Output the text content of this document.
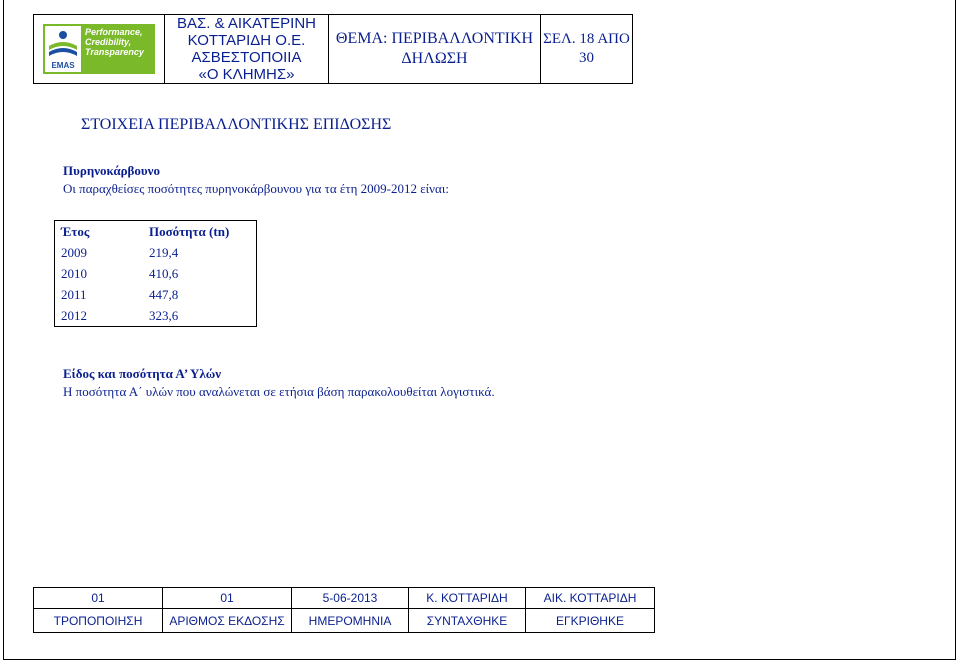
EMAS
Performance,
Credibility,
Transparency

ΒΑΣ. & ΑΙΚΑΤΕΡΙΝΗ
ΚΟΤΤΑΡΙΔΗ Ο.Ε.
ΑΣΒΕΣΤΟΠΟΙΙΑ
«Ο ΚΛΗΜΗΣ»

ΘΕΜΑ: ΠΕΡΙΒΑΛΛΟΝΤΙΚΗ
ΔΗΛΩΣΗ

ΣΕΛ. 18 ΑΠΟ
30
ΣΤΟΙΧΕΙΑ ΠΕΡΙΒΑΛΛΟΝΤΙΚΗΣ ΕΠΙΔΟΣΗΣ
Πυρηνοκάρβουνο
Οι παραχθείσες ποσότητες πυρηνοκάρβουνου για τα έτη 2009-2012 είναι:
Έτος	Ποσότητα (tn)
2009	219,4
2010	410,6
2011	447,8
2012	323,6
Είδος και ποσότητα Α’ Υλών
Η ποσότητα Α΄ υλών που αναλώνεται σε ετήσια βάση παρακολουθείται λογιστικά.
01	01	5-06-2013	Κ. ΚΟΤΤΑΡΙΔΗ	ΑΙΚ. ΚΟΤΤΑΡΙΔΗ
ΤΡΟΠΟΠΟΙΗΣΗ	ΑΡΙΘΜΟΣ ΕΚΔΟΣΗΣ	ΗΜΕΡΟΜΗΝΙΑ	ΣΥΝΤΑΧΘΗΚΕ	ΕΓΚΡΙΘΗΚΕ
